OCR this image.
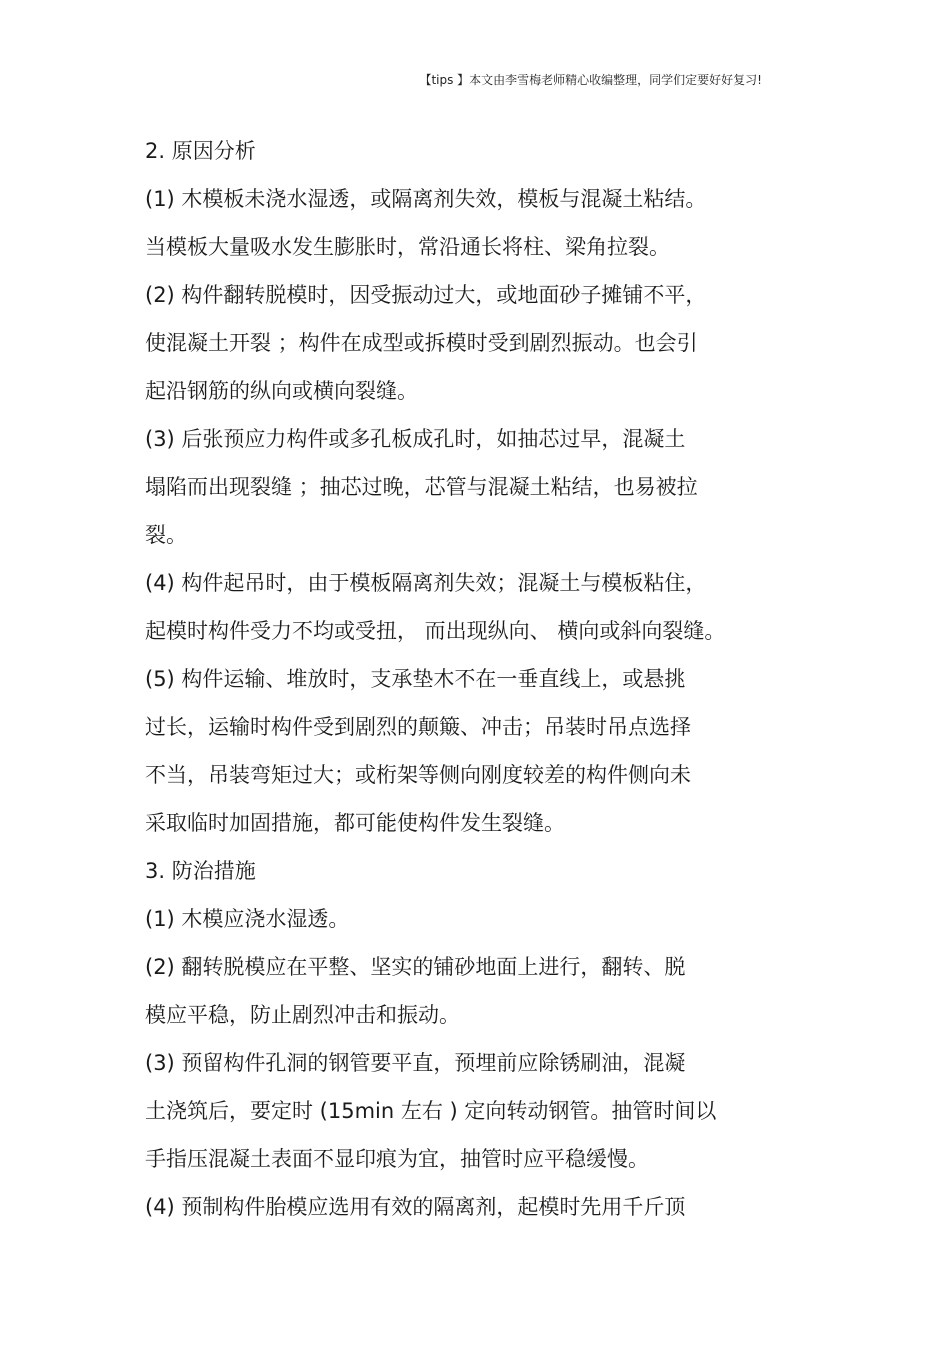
【tips 】本文由李雪梅老师精心收编整理，同学们定要好好复习!
2. 原因分析
(1) 木模板未浇水湿透，或隔离剂失效，模板与混凝土粘结。
当模板大量吸水发生膨胀时，常沿通长将柱、梁角拉裂。
(2) 构件翻转脱模时，因受振动过大，或地面砂子摊铺不平，
使混凝土开裂 ；构件在成型或拆模时受到剧烈振动。也会引
起沿钢筋的纵向或横向裂缝。
(3) 后张预应力构件或多孔板成孔时，如抽芯过早，混凝土
塌陷而出现裂缝 ；抽芯过晚，芯管与混凝土粘结，也易被拉
裂。
(4) 构件起吊时，由于模板隔离剂失效；混凝土与模板粘住，
起模时构件受力不均或受扭， 而出现纵向、 横向或斜向裂缝。
(5) 构件运输、堆放时，支承垫木不在一垂直线上，或悬挑
过长，运输时构件受到剧烈的颠簸、冲击；吊装时吊点选择
不当，吊装弯矩过大；或桁架等侧向刚度较差的构件侧向未
采取临时加固措施，都可能使构件发生裂缝。
3. 防治措施
(1) 木模应浇水湿透。
(2) 翻转脱模应在平整、坚实的铺砂地面上进行，翻转、脱
模应平稳，防止剧烈冲击和振动。
(3) 预留构件孔洞的钢管要平直，预埋前应除锈刷油，混凝
土浇筑后，要定时 (15min 左右 ) 定向转动钢管。抽管时间以
手指压混凝土表面不显印痕为宜，抽管时应平稳缓慢。
(4) 预制构件胎模应选用有效的隔离剂，起模时先用千斤顶
